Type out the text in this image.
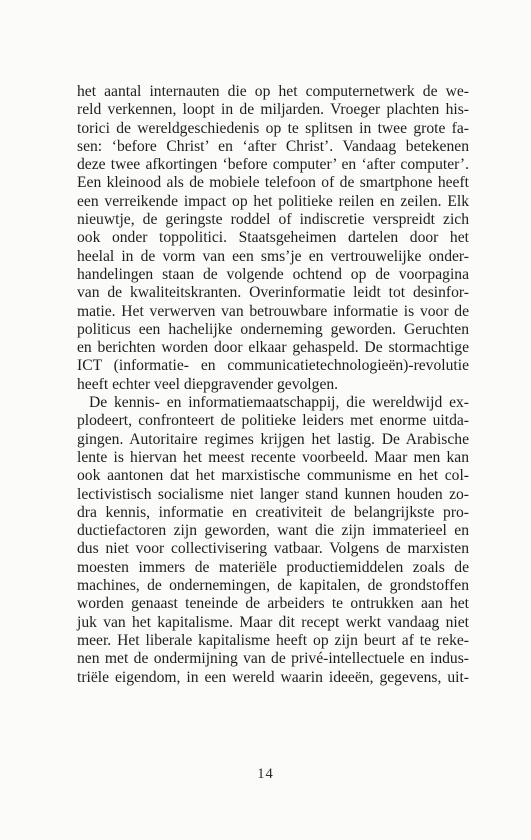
het aantal internauten die op het computernetwerk de we-
reld verkennen, loopt in de miljarden. Vroeger plachten his-
torici de wereldgeschiedenis op te splitsen in twee grote fa-
sen: ‘before Christ’ en ‘after Christ’. Vandaag betekenen
deze twee afkortingen ‘before computer’ en ‘after computer’.
Een kleinood als de mobiele telefoon of de smartphone heeft
een verreikende impact op het politieke reilen en zeilen. Elk
nieuwtje, de geringste roddel of indiscretie verspreidt zich
ook onder toppolitici. Staatsgeheimen dartelen door het
heelal in de vorm van een sms’je en vertrouwelijke onder-
handelingen staan de volgende ochtend op de voorpagina
van de kwaliteitskranten. Overinformatie leidt tot desinfor-
matie. Het verwerven van betrouwbare informatie is voor de
politicus een hachelijke onderneming geworden. Geruchten
en berichten worden door elkaar gehaspeld. De stormachtige
ICT (informatie- en communicatietechnologieën)-revolutie
heeft echter veel diepgravender gevolgen.

De kennis- en informatiemaatschappij, die wereldwijd ex-
plodeert, confronteert de politieke leiders met enorme uitda-
gingen. Autoritaire regimes krijgen het lastig. De Arabische
lente is hiervan het meest recente voorbeeld. Maar men kan
ook aantonen dat het marxistische communisme en het col-
lectivistisch socialisme niet langer stand kunnen houden zo-
dra kennis, informatie en creativiteit de belangrijkste pro-
ductiefactoren zijn geworden, want die zijn immaterieel en
dus niet voor collectivisering vatbaar. Volgens de marxisten
moesten immers de materiële productiemiddelen zoals de
machines, de ondernemingen, de kapitalen, de grondstoffen
worden genaast teneinde de arbeiders te ontrukken aan het
juk van het kapitalisme. Maar dit recept werkt vandaag niet
meer. Het liberale kapitalisme heeft op zijn beurt af te reke-
nen met de ondermijning van de privé-intellectuele en indus-
triële eigendom, in een wereld waarin ideeën, gegevens, uit-

14
